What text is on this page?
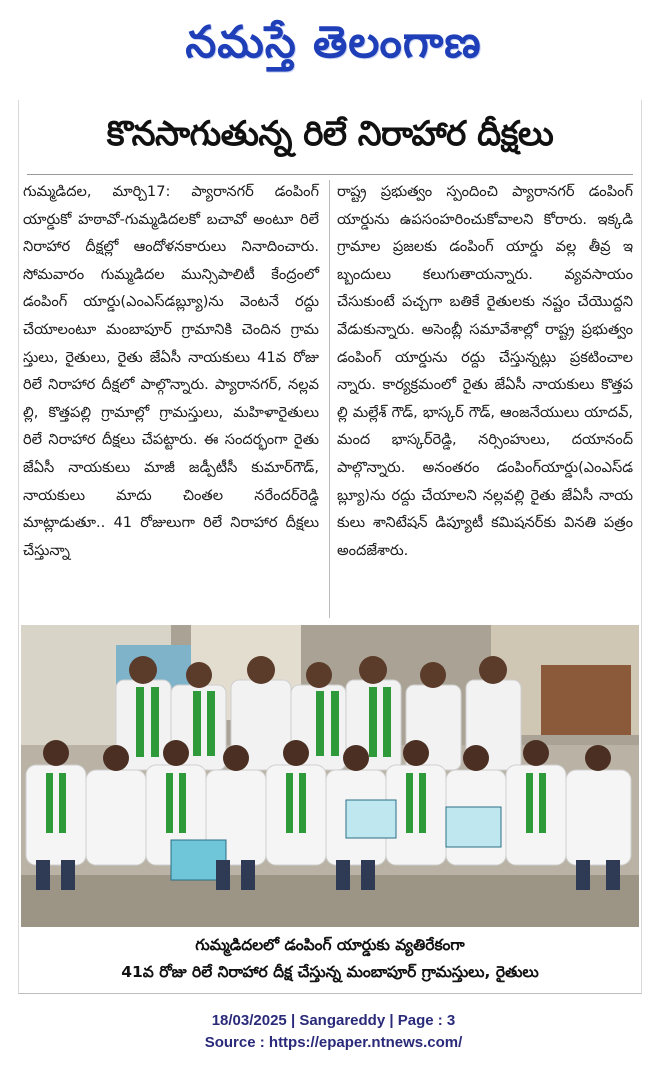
నమస్తే తెలంగాణ
కొనసాగుతున్న రిలే నిరాహార దీక్షలు
గుమ్మడిదల, మార్చి17: ప్యారానగర్ డంపింగ్ యార్డుకో హఠావో-గుమ్మడిదలకో బచావో అంటూ రిలే నిరాహార దీక్షల్లో ఆందోళనకారులు నినాదించారు. సోమవారం గుమ్మడిదల మున్సిపాలిటీ కేంద్రంలో డంపింగ్ యార్డు(ఎంఎస్‌డబ్ల్యూ)ను వెంటనే రద్దు చేయాలంటూ మంబాపూర్ గ్రామానికి చెందిన గ్రామస్తులు, రైతులు, రైతు జేఏసీ నాయకులు 41వ రోజు రిలే నిరాహార దీక్షలో పాల్గొన్నారు. ప్యారానగర్, నల్లవల్లి, కొత్తపల్లి గ్రామాల్లో గ్రామస్తులు, మహిళారైతులు రిలే నిరాహార దీక్షలు చేపట్టారు. ఈ సందర్భంగా రైతు జేఏసీ నాయకులు మాజీ జడ్పీటీసీ కుమార్‌గౌడ్, నాయకులు మాదు చింతల నరేందర్‌రెడ్డి మాట్లాడుతూ.. 41 రోజులుగా రిలే నిరాహార దీక్షలు చేస్తున్నా
రాష్ట్ర ప్రభుత్వం స్పందించి ప్యారానగర్ డంపింగ్ యార్డును ఉపసంహరించుకోవాలని కోరారు. ఇక్కడి గ్రామాల ప్రజలకు డంపింగ్ యార్డు వల్ల తీవ్ర ఇబ్బందులు కలుగుతాయన్నారు. వ్యవసాయం చేసుకుంటే పచ్చగా బతికే రైతులకు నష్టం చేయొద్దని వేడుకున్నారు. అసెంబ్లీ సమావేశాల్లో రాష్ట్ర ప్రభుత్వం డంపింగ్ యార్డును రద్దు చేస్తున్నట్లు ప్రకటించాలన్నారు. కార్యక్రమంలో రైతు జేఏసీ నాయకులు కొత్తపల్లి మల్లేశ్ గౌడ్, భాస్కర్ గౌడ్, ఆంజనేయులు యాదవ్, మంద భాస్కర్‌రెడ్డి, నర్సింహులు, దయానంద్ పాల్గొన్నారు. అనంతరం డంపింగ్‌యార్డు(ఎంఎస్‌డబ్ల్యూ)ను రద్దు చేయాలని నల్లవల్లి రైతు జేఏసీ నాయకులు శానిటేషన్ డిప్యూటీ కమిషనర్‌కు వినతి పత్రం అందజేశారు.
గుమ్మడిదలలో డంపింగ్ యార్డుకు వ్యతిరేకంగా
41వ రోజు రిలే నిరాహార దీక్ష చేస్తున్న మంబాపూర్ గ్రామస్తులు, రైతులు
18/03/2025 | Sangareddy | Page : 3
Source : https://epaper.ntnews.com/
